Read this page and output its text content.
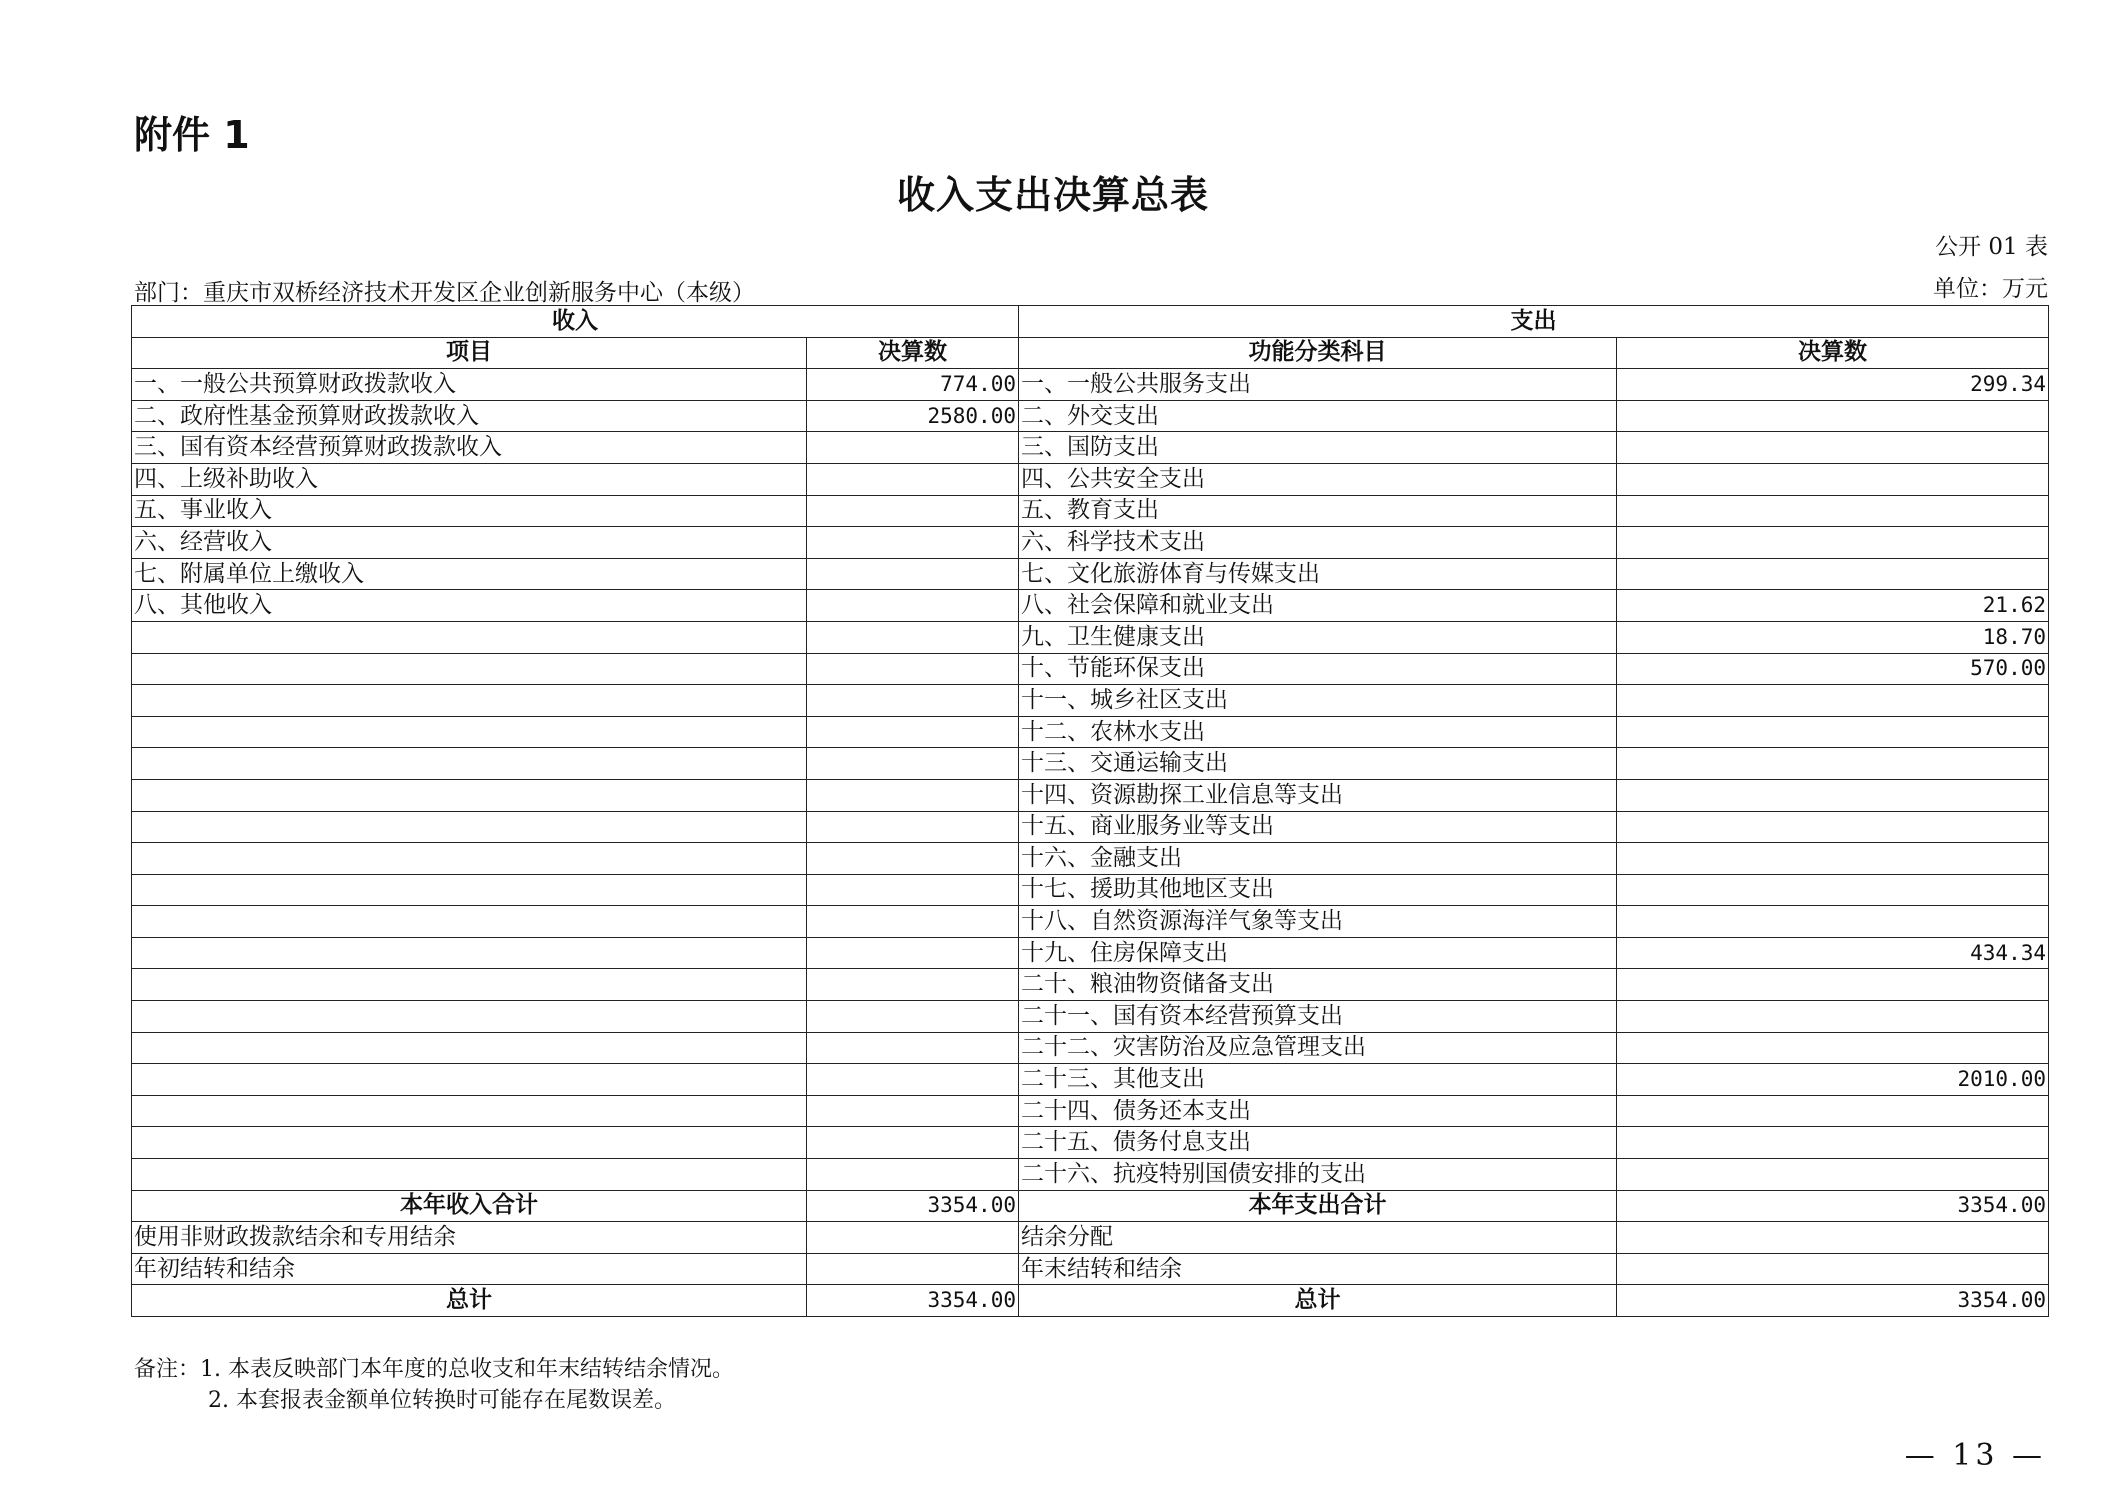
附件 1
收入支出决算总表
公开 01 表
部门：重庆市双桥经济技术开发区企业创新服务中心（本级）	单位：万元
收入		支出	
项目	决算数	功能分类科目	决算数
一、一般公共预算财政拨款收入	774.00	一、一般公共服务支出	299.34
二、政府性基金预算财政拨款收入	2580.00	二、外交支出	
三、国有资本经营预算财政拨款收入		三、国防支出	
四、上级补助收入		四、公共安全支出	
五、事业收入		五、教育支出	
六、经营收入		六、科学技术支出	
七、附属单位上缴收入		七、文化旅游体育与传媒支出	
八、其他收入		八、社会保障和就业支出	21.62
		九、卫生健康支出	18.70
		十、节能环保支出	570.00
		十一、城乡社区支出	
		十二、农林水支出	
		十三、交通运输支出	
		十四、资源勘探工业信息等支出	
		十五、商业服务业等支出	
		十六、金融支出	
		十七、援助其他地区支出	
		十八、自然资源海洋气象等支出	
		十九、住房保障支出	434.34
		二十、粮油物资储备支出	
		二十一、国有资本经营预算支出	
		二十二、灾害防治及应急管理支出	
		二十三、其他支出	2010.00
		二十四、债务还本支出	
		二十五、债务付息支出	
		二十六、抗疫特别国债安排的支出	
本年收入合计	3354.00	本年支出合计	3354.00
使用非财政拨款结余和专用结余		结余分配	
年初结转和结余		年末结转和结余	
总计	3354.00	总计	3354.00
备注：1. 本表反映部门本年度的总收支和年末结转结余情况。
2. 本套报表金额单位转换时可能存在尾数误差。
— 13 —
